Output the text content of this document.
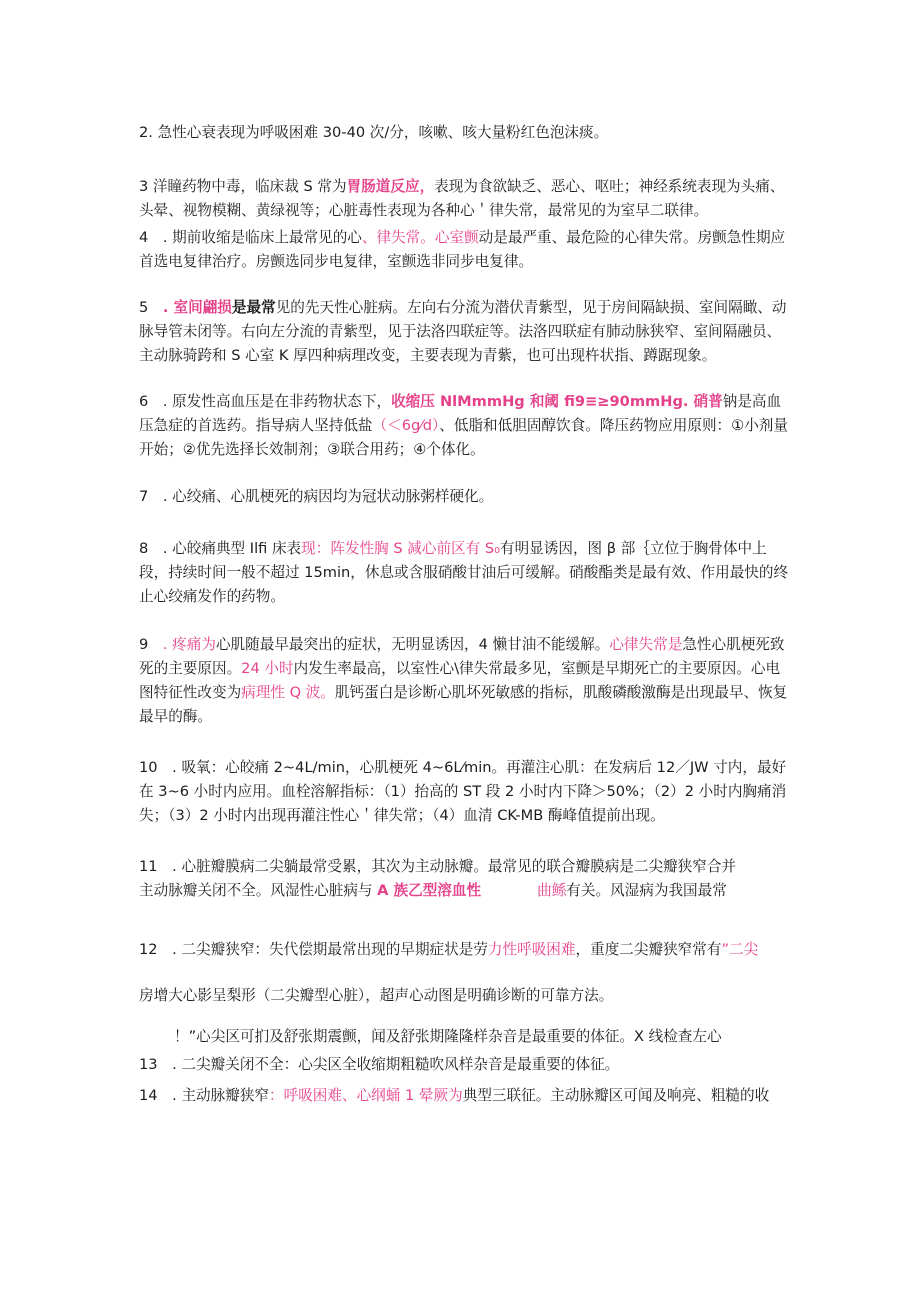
2. 急性心衰表现为呼吸困难 30-40 次/分，咳嗽、咳大量粉红色泡沫痰。

3 洋瞳药物中毒，临床裁 S 常为胃肠道反应，表现为食欲缺乏、恶心、呕吐；神经系统表现为头痛、头晕、视物模糊、黄绿视等；心脏毒性表现为各种心＇律失常，最常见的为室早二联律。

4　. 期前收缩是临床上最常见的心、律失常。心室颤动是最严重、最危险的心律失常。房颤急性期应首选电复律治疗。房颤选同步电复律，室颤选非同步电复律。

5　. 室间翩损是最常见的先天性心脏病。左向右分流为潜伏青紫型，见于房间隔缺损、室间隔瞰、动脉导管未闭等。右向左分流的青紫型，见于法洛四联症等。法洛四联症有肺动脉狭窄、室间隔融员、主动脉骑跨和 S 心室 K 厚四种病理改变，主要表现为青紫，也可出现杵状指、蹲踞现象。

6　. 原发性高血压是在非药物状态下，收缩压 NlMmmHg 和阈 fi9≡≥90mmHg. 硝普钠是高血压急症的首选药。指导病人坚持低盐（＜6g⁄d）、低脂和低胆固醇饮食。降压药物应用原则：①小剂量开始；②优先选择长效制剂；③联合用药；④个体化。

7　. 心绞痛、心肌梗死的病因均为冠状动脉粥样硬化。

8　. 心皎痛典型 Ilfi 床表现：阵发性胸 S 减心前区有 S₀有明显诱因，图 β 部｛立位于胸骨体中上段，持续时间一般不超过 15min，休息或含服硝酸甘油后可缓解。硝酸酯类是最有效、作用最快的终止心绞痛发作的药物。

9　. 疼痛为心肌随最早最突出的症状，无明显诱因，4 懒甘油不能缓解。心律失常是急性心肌梗死致死的主要原因。24 小时内发生率最高，以室性心\律失常最多见，室颤是早期死亡的主要原因。心电图特征性改变为病理性 Q 波。肌钙蛋白是诊断心肌坏死敏感的指标，肌酸磷酸激酶是出现最早、恢复最早的酶。

10　. 吸氧：心皎痛 2~4L/min，心肌梗死 4~6L⁄min。再灌注心肌：在发病后 12／JW 寸内，最好在 3~6 小时内应用。血栓溶解指标：（1）抬高的 ST 段 2 小时内下降＞50%；（2）2 小时内胸痛消失；（3）2 小时内出现再灌注性心＇律失常；（4）血清 CK-MB 酶峰值提前出现。

11　. 心脏瓣膜病二尖躺最常受累，其次为主动脉瓣。最常见的联合瓣膜病是二尖瓣狭窄合并
主动脉瓣关闭不全。风湿性心脏病与 A 族乙型溶血性	曲鲧有关。风湿病为我国最常

12　. 二尖瓣狭窄：失代偿期最常出现的早期症状是劳力性呼吸困难，重度二尖瓣狭窄常有”二尖

房增大心影呈梨形（二尖瓣型心脏），超声心动图是明确诊断的可靠方法。

！”心尖区可扪及舒张期震颤，闻及舒张期隆隆样杂音是最重要的体征。X 线检查左心

13　. 二尖瓣关闭不全：心尖区全收缩期粗糙吹风样杂音是最重要的体征。

14　. 主动脉瓣狭窄：呼吸困难、心纲蛹 1 晕厥为典型三联征。主动脉瓣区可闻及响亮、粗糙的收
